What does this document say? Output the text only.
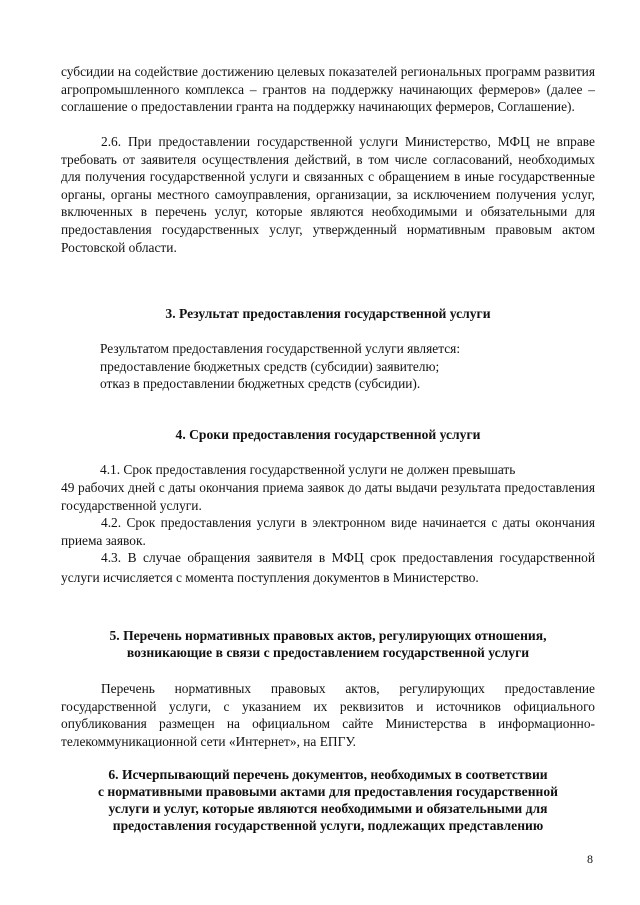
субсидии на содействие достижению целевых показателей региональных программ развития агропромышленного комплекса – грантов на поддержку начинающих фермеров» (далее – соглашение о предоставлении гранта на поддержку начинающих фермеров, Соглашение).

2.6. При предоставлении государственной услуги Министерство, МФЦ не вправе требовать от заявителя осуществления действий, в том числе согласований, необходимых для получения государственной услуги и связанных с обращением в иные государственные органы, органы местного самоуправления, организации, за исключением получения услуг, включенных в перечень услуг, которые являются необходимыми и обязательными для предоставления государственных услуг, утвержденный нормативным правовым актом Ростовской области.

3. Результат предоставления государственной услуги

Результатом предоставления государственной услуги является:

предоставление бюджетных средств (субсидии) заявителю;

отказ в предоставлении бюджетных средств (субсидии).

4. Сроки предоставления государственной услуги

4.1. Срок предоставления государственной услуги не должен превышать

49 рабочих дней с даты окончания приема заявок до даты выдачи результата предоставления государственной услуги.

4.2. Срок предоставления услуги в электронном виде начинается с даты окончания приема заявок.

4.3. В случае обращения заявителя в МФЦ срок предоставления государственной услуги исчисляется с момента поступления документов в Министерство.

5. Перечень нормативных правовых актов, регулирующих отношения,

возникающие в связи с предоставлением государственной услуги

Перечень нормативных правовых актов, регулирующих предоставление государственной услуги, с указанием их реквизитов и источников официального опубликования размещен на официальном сайте Министерства в информационно-телекоммуникационной сети «Интернет», на ЕПГУ.

6. Исчерпывающий перечень документов, необходимых в соответствии

с нормативными правовыми актами для предоставления государственной

услуги и услуг, которые являются необходимыми и обязательными для

предоставления государственной услуги, подлежащих представлению

8
